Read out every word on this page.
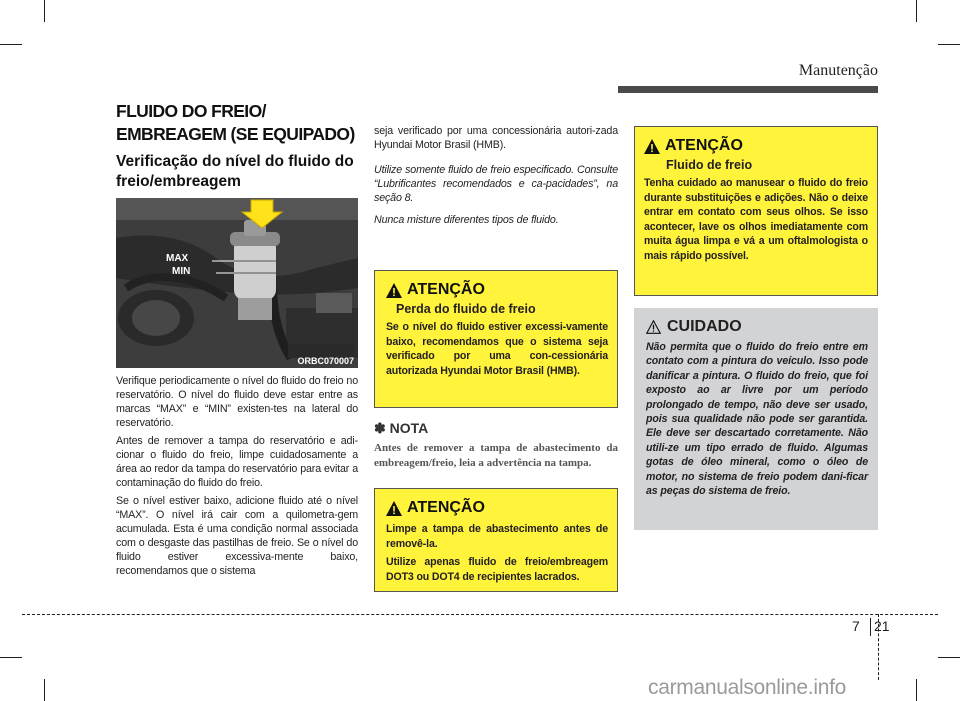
Manutenção
FLUIDO DO FREIO/ EMBREAGEM (SE EQUIPADO)
Verificação do nível do fluido do freio/embreagem
MAX
MIN
ORBC070007

Verifique periodicamente o nível do fluido do freio no reservatório. O nível do fluido deve estar entre as marcas “MAX” e “MIN” existen-tes na lateral do reservatório.

Antes de remover a tampa do reservatório e adi-cionar o fluido do freio, limpe cuidadosamente a área ao redor da tampa do reservatório para evitar a contaminação do fluido do freio.

Se o nível estiver baixo, adicione fluido até o nível “MAX”. O nível irá cair com a quilometra-gem acumulada. Esta é uma condição normal associada com o desgaste das pastilhas de freio. Se o nível do fluido estiver excessiva-mente baixo, recomendamos que o sistema

seja verificado por uma concessionária autori-zada Hyundai Motor Brasil (HMB).

Utilize somente fluido de freio especificado. Consulte “Lubrificantes recomendados e ca-pacidades”, na seção 8.

Nunca misture diferentes tipos de fluido.

ATENÇÃO
Perda do fluido de freio
Se o nível do fluido estiver excessi-vamente baixo, recomendamos que o sistema seja verificado por uma con-cessionária autorizada Hyundai Motor Brasil (HMB).
✽ NOTA
Antes de remover a tampa de abastecimento da embreagem/freio, leia a advertência na tampa.
ATENÇÃO
Limpe a tampa de abastecimento antes de removê-la.
Utilize apenas fluido de freio/embreagem DOT3 ou DOT4 de recipientes lacrados.
ATENÇÃO
Fluido de freio
Tenha cuidado ao manusear o fluido do freio durante substituições e adições. Não o deixe entrar em contato com seus olhos. Se isso acontecer, lave os olhos imediatamente com muita água limpa e vá a um oftalmologista o mais rápido possível.
CUIDADO
Não permita que o fluido do freio entre em contato com a pintura do veículo. Isso pode danificar a pintura. O fluido do freio, que foi exposto ao ar livre por um período prolongado de tempo, não deve ser usado, pois sua qualidade não pode ser garantida. Ele deve ser descartado corretamente. Não utili-ze um tipo errado de fluido. Algumas gotas de óleo mineral, como o óleo de motor, no sistema de freio podem dani-ficar as peças do sistema de freio.
7 21
carmanualsonline.info
